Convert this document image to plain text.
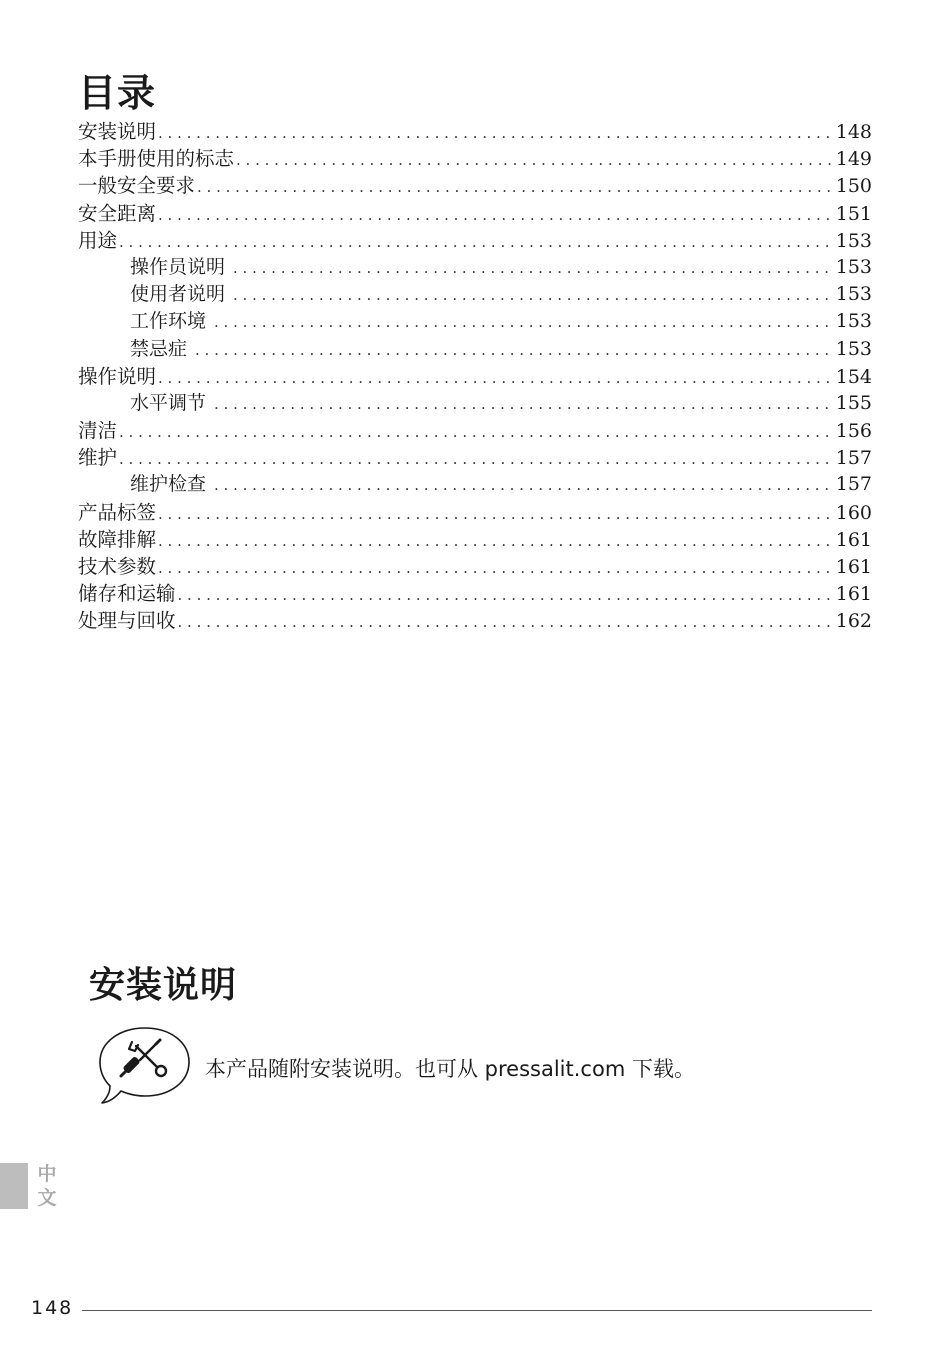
目录
安装说明 . . .	148
本手册使用的标志 . . .	149
一般安全要求 . . .	150
安全距离 . . .	151
用途 . . .	153
操作员说明 . . .	153
使用者说明 . . .	153
工作环境 . . .	153
禁忌症 . . .	153
操作说明 . . .	154
水平调节 . . .	155
清洁 . . .	156
维护 . . .	157
维护检查 . . .	157
产品标签 . . .	160
故障排解 . . .	161
技术参数 . . .	161
储存和运输 . . .	161
处理与回收 . . .	162
安装说明

本产品随附安装说明。也可从 pressalit.com 下载。

中
文
148
